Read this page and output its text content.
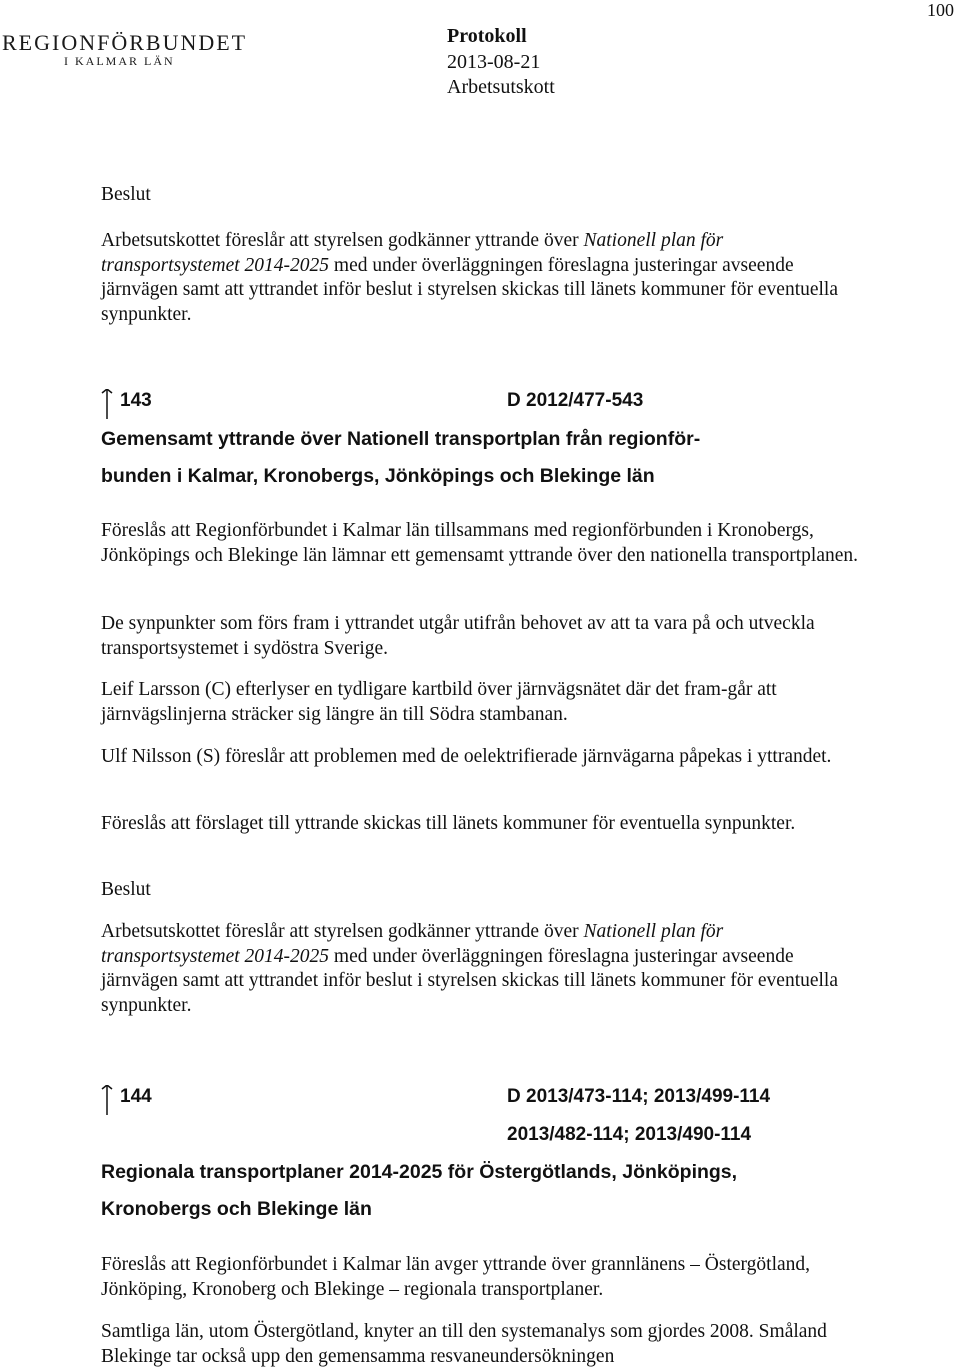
REGIONFÖRBUNDET
I KALMAR LÄN
Protokoll
2013-08-21
Arbetsutskott
100
Beslut

Arbetsutskottet föreslår att styrelsen godkänner yttrande över Nationell plan för transportsystemet 2014-2025 med under överläggningen föreslagna justeringar avseende järnvägen samt att yttrandet inför beslut i styrelsen skickas till länets kommuner för eventuella synpunkter.

143	D 2012/477-543
Gemensamt yttrande över Nationell transportplan från regionför-
bunden i Kalmar, Kronobergs, Jönköpings och Blekinge län

Föreslås att Regionförbundet i Kalmar län tillsammans med regionförbunden i Kronobergs, Jönköpings och Blekinge län lämnar ett gemensamt yttrande över den nationella transportplanen.

De synpunkter som förs fram i yttrandet utgår utifrån behovet av att ta vara på och utveckla transportsystemet i sydöstra Sverige.

Leif Larsson (C) efterlyser en tydligare kartbild över järnvägsnätet där det fram-går att järnvägslinjerna sträcker sig längre än till Södra stambanan.

Ulf Nilsson (S) föreslår att problemen med de oelektrifierade järnvägarna påpekas i yttrandet.

Föreslås att förslaget till yttrande skickas till länets kommuner för eventuella synpunkter.

Beslut

Arbetsutskottet föreslår att styrelsen godkänner yttrande över Nationell plan för transportsystemet 2014-2025 med under överläggningen föreslagna justeringar avseende järnvägen samt att yttrandet inför beslut i styrelsen skickas till länets kommuner för eventuella synpunkter.

144	D 2013/473-114; 2013/499-114
2013/482-114; 2013/490-114
Regionala transportplaner 2014-2025 för Östergötlands, Jönköpings,
Kronobergs och Blekinge län

Föreslås att Regionförbundet i Kalmar län avger yttrande över grannlänens – Östergötland, Jönköping, Kronoberg och Blekinge – regionala transportplaner.

Samtliga län, utom Östergötland, knyter an till den systemanalys som gjordes 2008. Småland Blekinge tar också upp den gemensamma resvaneundersökningen
